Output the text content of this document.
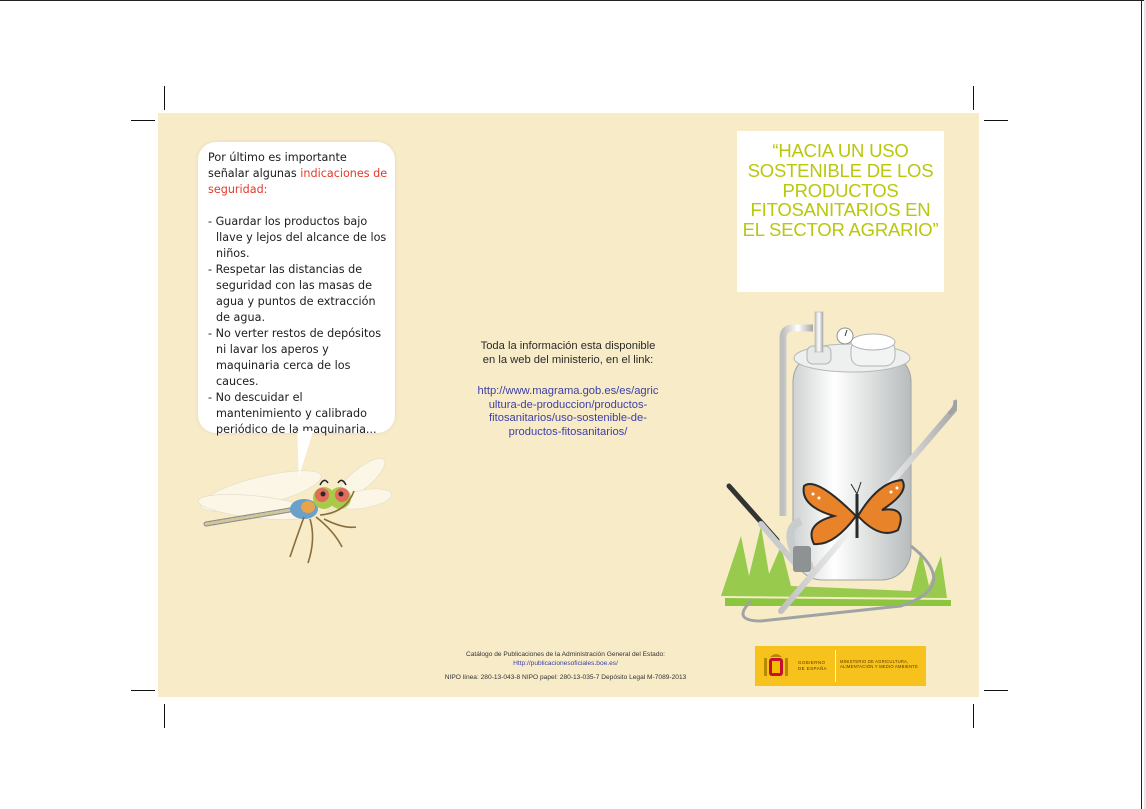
Por último es importante señalar algunas indicaciones de seguridad:
- Guardar los productos bajo llave y lejos del alcance de los niños.
- Respetar las distancias de seguridad con las masas de agua y puntos de extracción de agua.
- No verter restos de depósitos ni lavar los aperos y maquinaria cerca de los cauces.
- No descuidar el mantenimiento y calibrado periódico de la maquinaria...
Toda la información esta disponible en la web del ministerio, en el link:
http://www.magrama.gob.es/es/agricultura-de-produccion/productos-fitosanitarios/uso-sostenible-de-productos-fitosanitarios/
Catálogo de Publicaciones de la Administración General del Estado:
Http://publicacionesoficiales.boe.es/
NIPO línea: 280-13-043-8 NIPO papel: 280-13-035-7 Depósito Legal M-7089-2013
“HACIA UN USO SOSTENIBLE DE LOS PRODUCTOS FITOSANITARIOS EN EL SECTOR AGRARIO”
GOBIERNO DE ESPAÑA
MINISTERIO DE AGRICULTURA, ALIMENTACIÓN Y MEDIO AMBIENTE
